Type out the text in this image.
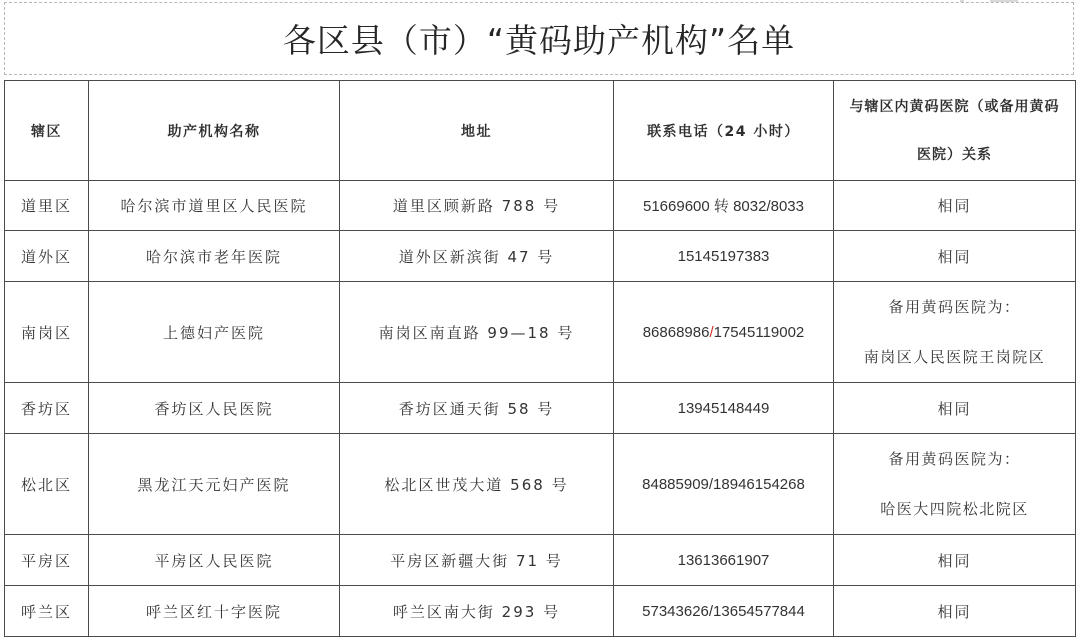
各区县（市）“黄码助产机构”名单
辖区	助产机构名称	地址	联系电话（24 小时）	与辖区内黄码医院（或备用黄码
医院）关系

道里区	哈尔滨市道里区人民医院	道里区顾新路 788 号	51669600 转 8032/8033	相同
道外区	哈尔滨市老年医院	道外区新滨街 47 号	15145197383	相同
南岗区	上德妇产医院	南岗区南直路 99—18 号	86868986/17545119002	备用黄码医院为：
南岗区人民医院王岗院区

香坊区	香坊区人民医院	香坊区通天街 58 号	13945148449	相同
松北区	黑龙江天元妇产医院	松北区世茂大道 568 号	84885909/18946154268	备用黄码医院为：
哈医大四院松北院区

平房区	平房区人民医院	平房区新疆大街 71 号	13613661907	相同
呼兰区	呼兰区红十字医院	呼兰区南大街 293 号	57343626/13654577844	相同
